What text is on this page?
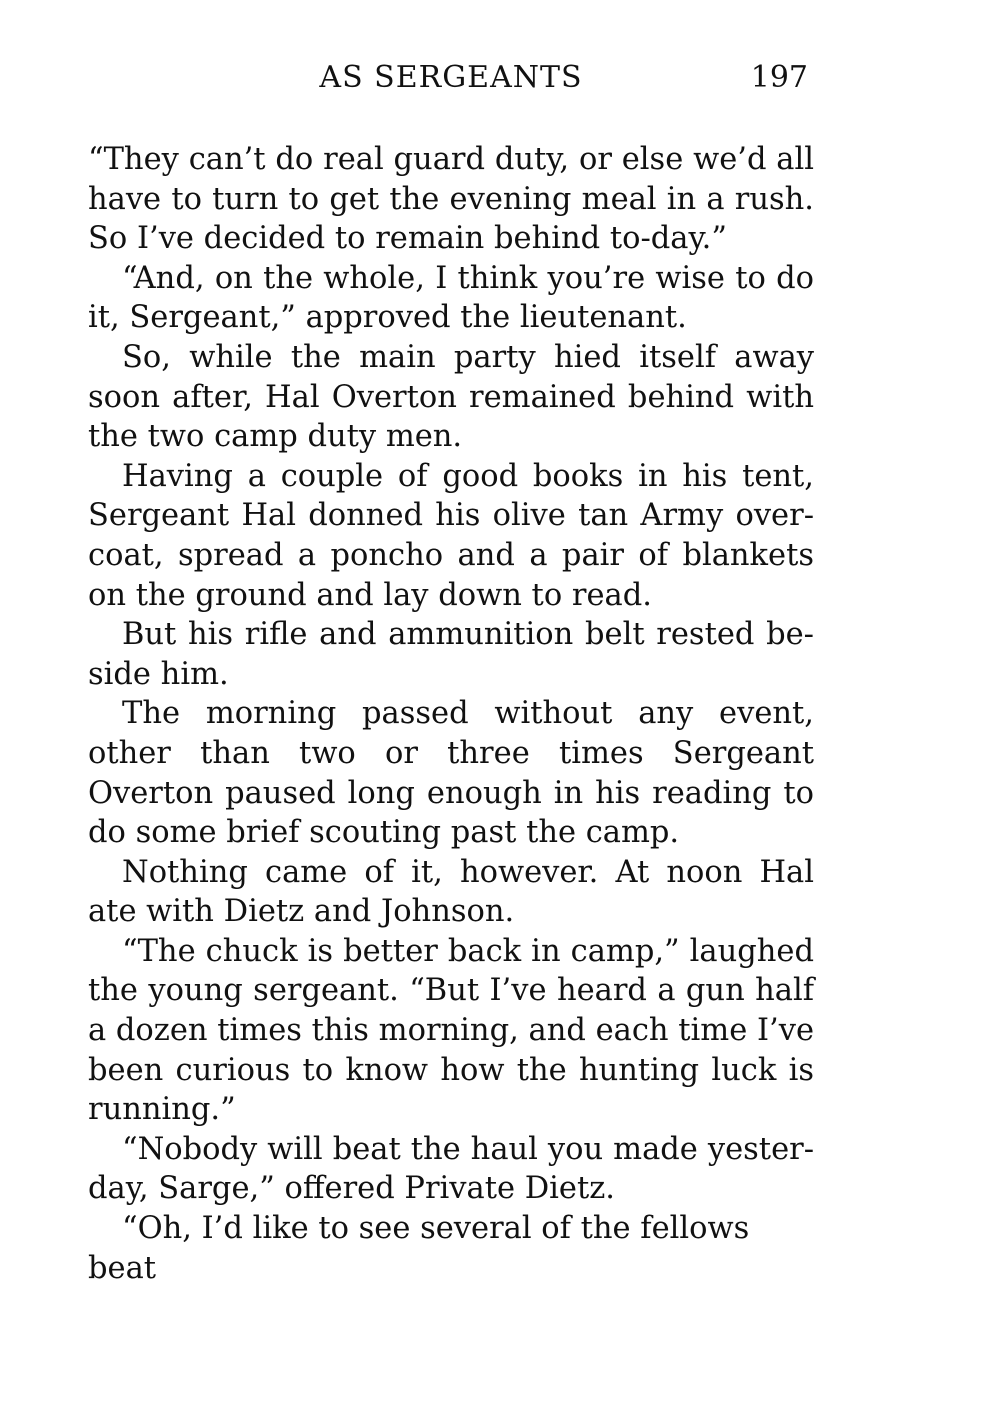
AS SERGEANTS	197

“They can’t do real guard duty, or else we’d all have to turn to get the evening meal in a rush. So I’ve decided to remain behind to-day.”

“And, on the whole, I think you’re wise to do it, Sergeant,” approved the lieutenant.

So, while the main party hied itself away soon after, Hal Overton remained behind with the two camp duty men.

Having a couple of good books in his tent, Sergeant Hal donned his olive tan Army over-coat, spread a poncho and a pair of blankets on the ground and lay down to read.

But his rifle and ammunition belt rested be-side him.

The morning passed without any event, other than two or three times Sergeant Overton paused long enough in his reading to do some brief scouting past the camp.

Nothing came of it, however. At noon Hal ate with Dietz and Johnson.

“The chuck is better back in camp,” laughed the young sergeant. “But I’ve heard a gun half a dozen times this morning, and each time I’ve been curious to know how the hunting luck is running.”

“Nobody will beat the haul you made yester-day, Sarge,” offered Private Dietz.

“Oh, I’d like to see several of the fellows beat
